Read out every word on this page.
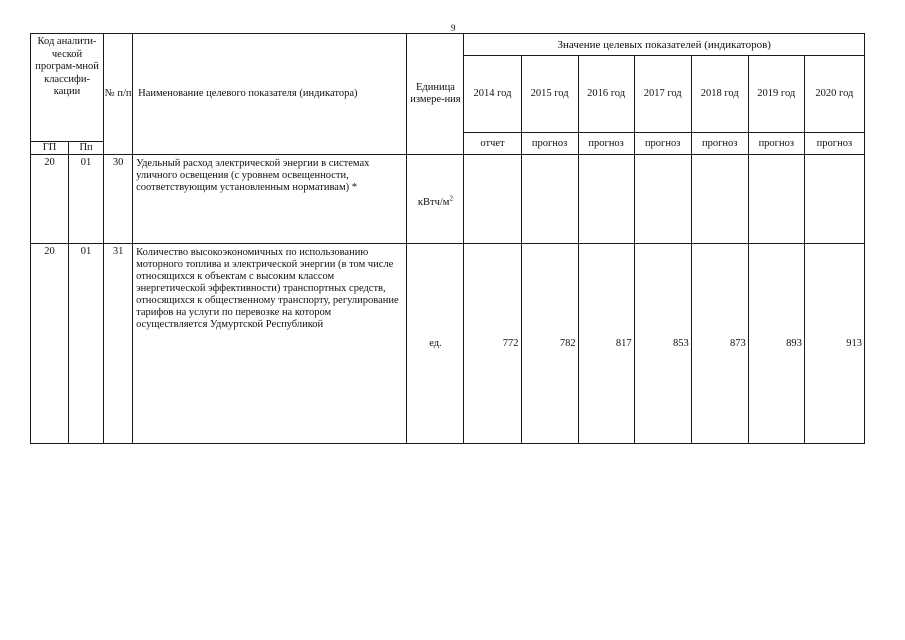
9
Код аналити-ческой програм-мной классифи-кации		№ п/п	Наименование целевого показателя (индикатора)	Единица измере-ния	Значение целевых показателей (индикаторов)						
					2014 год	2015 год	2016 год	2017 год	2018 год	2019 год	2020 год
					отчет	прогноз	прогноз	прогноз	прогноз	прогноз	прогноз
ГП	Пп										
20	01	30	Удельный расход электрической энергии в системах уличного освещения (с уровнем освещенности, соответствующим установленным нормативам) *	кВтч/$м^2$							
20	01	31	Количество высокоэкономичных по использованию моторного топлива и электрической энергии (в том числе относящихся к объектам с высоким классом энергетической эффективности) транспортных средств, относящихся к общественному транспорту, регулирование тарифов на услуги по перевозке на котором осуществляется Удмуртской Республикой	ед.	772	782	817	853	873	893	913
